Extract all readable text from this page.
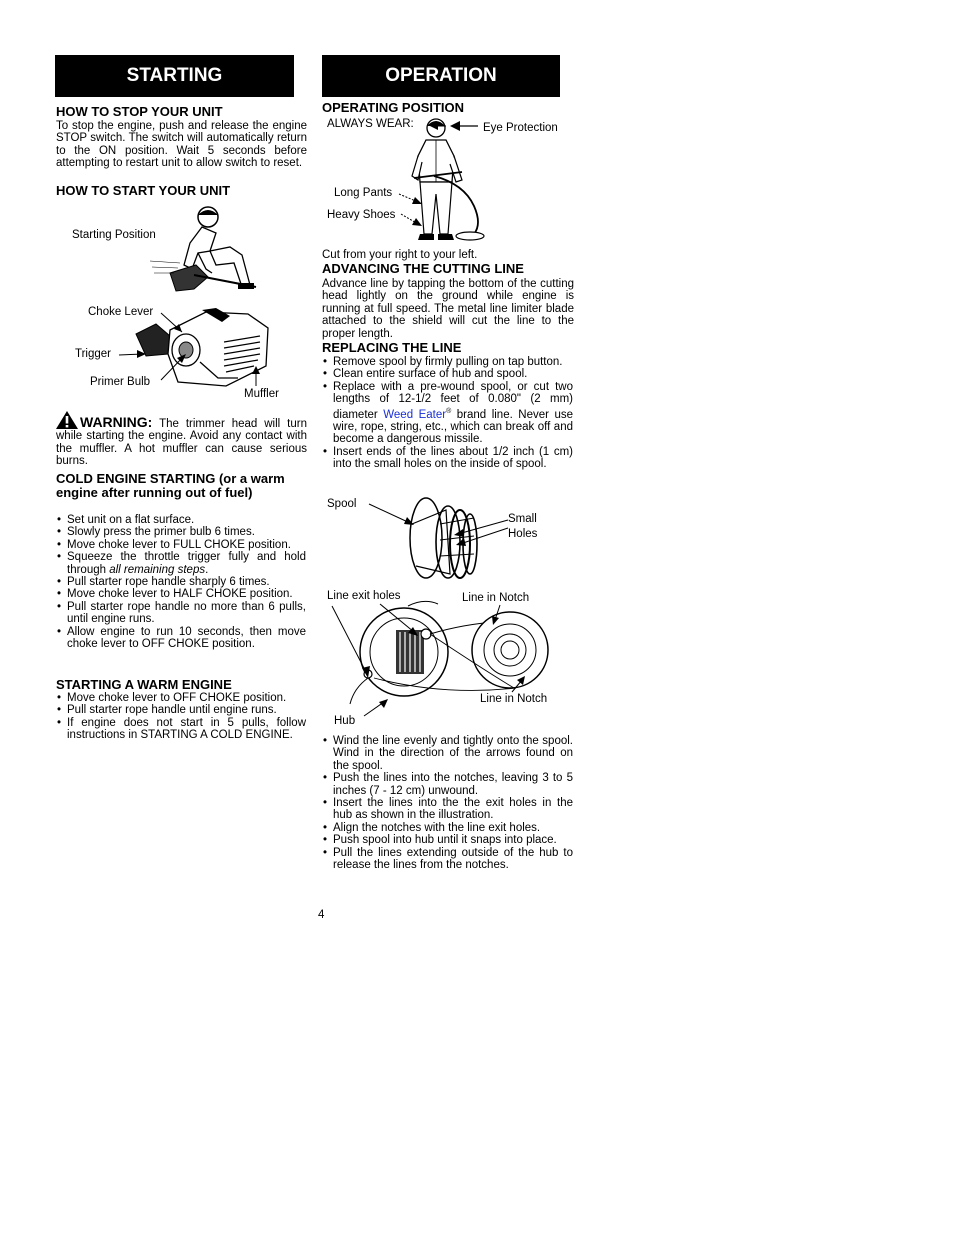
STARTING
HOW TO STOP YOUR UNIT
To stop the engine, push and release the engine STOP switch. The switch will automatically return to the ON position. Wait 5 seconds before attempting to restart unit to allow switch to reset.
HOW TO START YOUR UNIT
Starting Position
Choke Lever
Trigger
Primer Bulb
Muffler
WARNING: The trimmer head will turn while starting the engine. Avoid any contact with the muffler. A hot muffler can cause serious burns.
COLD ENGINE STARTING (or a warm engine after running out of fuel)
• Set unit on a flat surface.
• Slowly press the primer bulb 6 times.
• Move choke lever to FULL CHOKE position.
• Squeeze the throttle trigger fully and hold through all remaining steps.
• Pull starter rope handle sharply 6 times.
• Move choke lever to HALF CHOKE position.
• Pull starter rope handle no more than 6 pulls, until engine runs.
• Allow engine to run 10 seconds, then move choke lever to OFF CHOKE position.
STARTING A WARM ENGINE
• Move choke lever to OFF CHOKE position.
• Pull starter rope handle until engine runs.
• If engine does not start in 5 pulls, follow instructions in STARTING A COLD ENGINE.
OPERATION
OPERATING POSITION
ALWAYS WEAR:	Eye Protection
Long Pants
Heavy Shoes
Cut from your right to your left.
ADVANCING THE CUTTING LINE
Advance line by tapping the bottom of the cutting head lightly on the ground while engine is running at full speed. The metal line limiter blade attached to the shield will cut the line to the proper length.
REPLACING THE LINE
• Remove spool by firmly pulling on tap button.
• Clean entire surface of hub and spool.
• Replace with a pre-wound spool, or cut two lengths of 12-1/2 feet of 0.080" (2 mm) diameter Weed Eater® brand line. Never use wire, rope, string, etc., which can break off and become a dangerous missile.
• Insert ends of the lines about 1/2 inch (1 cm) into the small holes on the inside of spool.
Spool
Small
Holes
Line exit holes	Line in Notch
Line in Notch
Hub
• Wind the line evenly and tightly onto the spool. Wind in the direction of the arrows found on the spool.
• Push the lines into the notches, leaving 3 to 5 inches (7 - 12 cm) unwound.
• Insert the lines into the the exit holes in the hub as shown in the illustration.
• Align the notches with the line exit holes.
• Push spool into hub until it snaps into place.
• Pull the lines extending outside of the hub to release the lines from the notches.
4
